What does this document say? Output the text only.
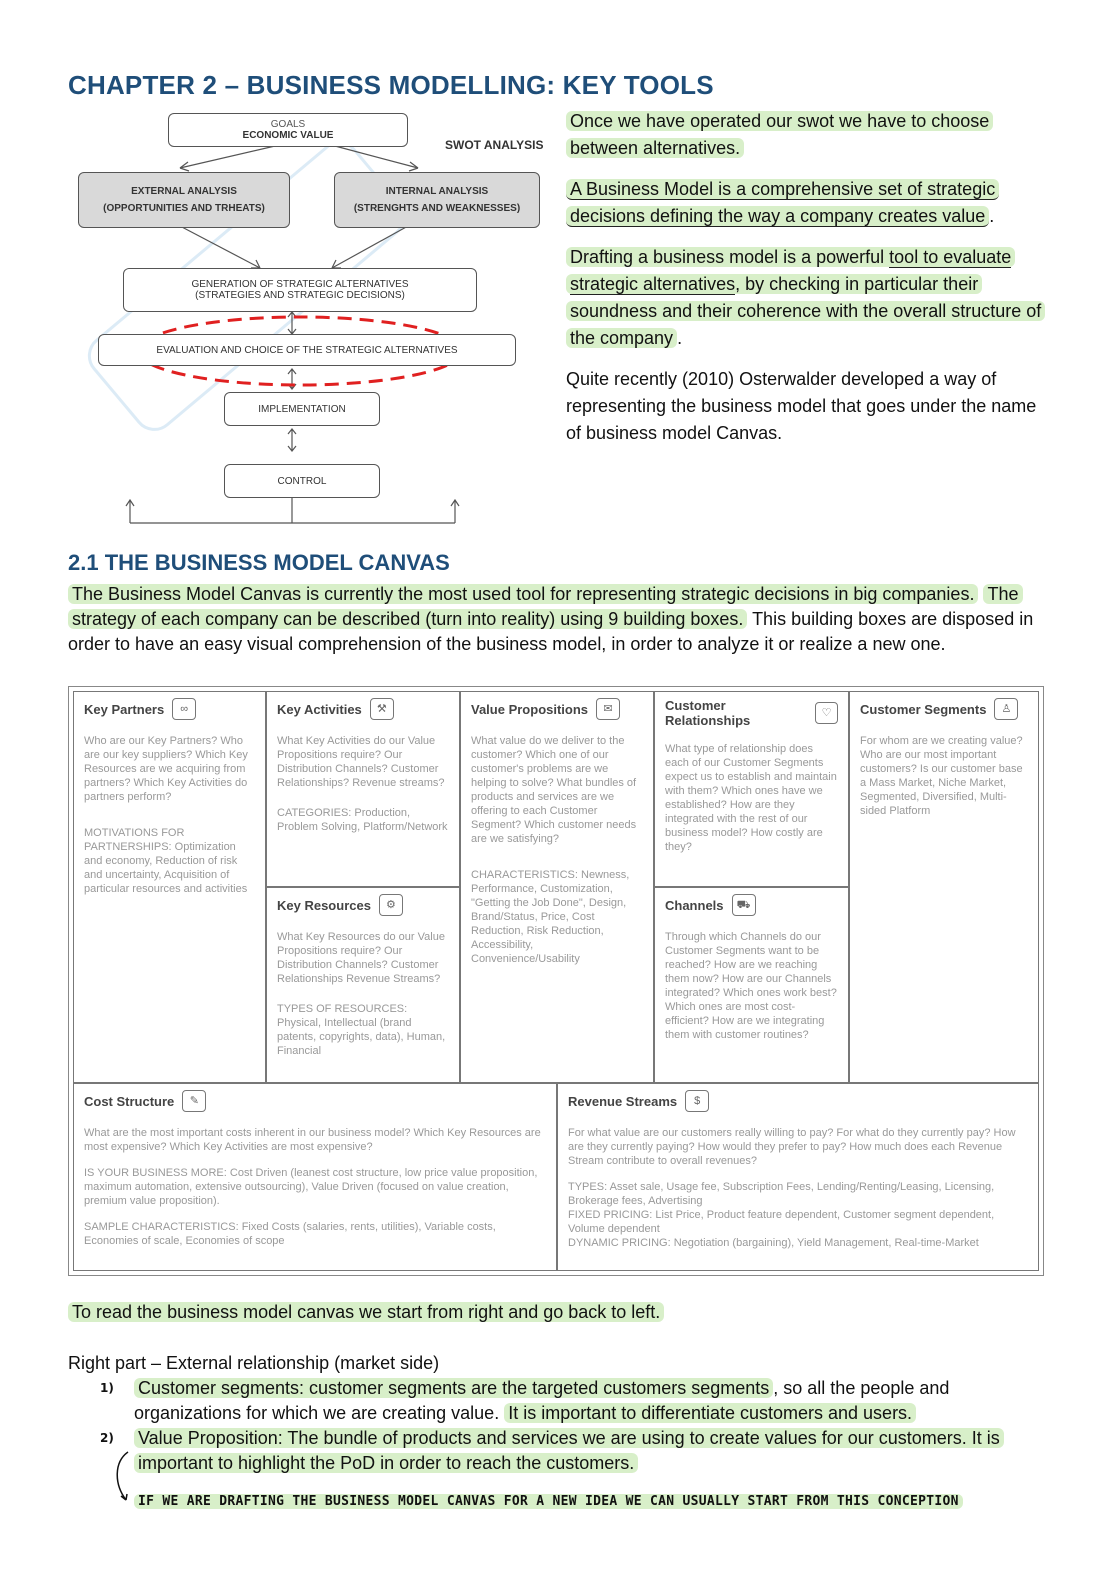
CHAPTER 2 – BUSINESS MODELLING: KEY TOOLS
GOALS
ECONOMIC VALUE
SWOT ANALYSIS
EXTERNAL ANALYSIS
(OPPORTUNITIES AND TRHEATS)
INTERNAL ANALYSIS
(STRENGHTS AND WEAKNESSES)
GENERATION OF STRATEGIC ALTERNATIVES
(STRATEGIES AND STRATEGIC DECISIONS)
EVALUATION AND CHOICE OF THE STRATEGIC ALTERNATIVES
IMPLEMENTATION
CONTROL

Once we have operated our swot we have to choose between alternatives.

A Business Model is a comprehensive set of strategic decisions defining the way a company creates value .

Drafting a business model is a powerful tool to evaluate strategic alternatives, by checking in particular their soundness and their coherence with the overall structure of the company .

Quite recently (2010) Osterwalder developed a way of representing the business model that goes under the name of business model Canvas.

2.1 THE BUSINESS MODEL CANVAS
The Business Model Canvas is currently the most used tool for representing strategic decisions in big companies. The strategy of each company can be described (turn into reality) using 9 building boxes. This building boxes are disposed in order to have an easy visual comprehension of the business model, in order to analyze it or realize a new one.
Key Partners	∞
Who are our Key Partners? Who are our key suppliers? Which Key Resources are we acquiring from partners? Which Key Activities do partners perform?
MOTIVATIONS FOR PARTNERSHIPS: Optimization and economy, Reduction of risk and uncertainty, Acquisition of particular resources and activities
Key Activities	⚒
What Key Activities do our Value Propositions require? Our Distribution Channels? Customer Relationships? Revenue streams?
CATEGORIES: Production, Problem Solving, Platform/Network
Key Resources	⚙
What Key Resources do our Value Propositions require? Our Distribution Channels? Customer Relationships Revenue Streams?
TYPES OF RESOURCES: Physical, Intellectual (brand patents, copyrights, data), Human, Financial
Value Propositions	✉
What value do we deliver to the customer? Which one of our customer's problems are we helping to solve? What bundles of products and services are we offering to each Customer Segment? Which customer needs are we satisfying?
CHARACTERISTICS: Newness, Performance, Customization, "Getting the Job Done", Design, Brand/Status, Price, Cost Reduction, Risk Reduction, Accessibility, Convenience/Usability
Customer Relationships	♡
What type of relationship does each of our Customer Segments expect us to establish and maintain with them? Which ones have we established? How are they integrated with the rest of our business model? How costly are they?
Channels	⛟
Through which Channels do our Customer Segments want to be reached? How are we reaching them now? How are our Channels integrated? Which ones work best? Which ones are most cost-efficient? How are we integrating them with customer routines?
Customer Segments	♙
For whom are we creating value? Who are our most important customers? Is our customer base a Mass Market, Niche Market, Segmented, Diversified, Multi-sided Platform
Cost Structure	✎
What are the most important costs inherent in our business model? Which Key Resources are most expensive? Which Key Activities are most expensive?
IS YOUR BUSINESS MORE: Cost Driven (leanest cost structure, low price value proposition, maximum automation, extensive outsourcing), Value Driven (focused on value creation, premium value proposition).
SAMPLE CHARACTERISTICS: Fixed Costs (salaries, rents, utilities), Variable costs, Economies of scale, Economies of scope
Revenue Streams	$
For what value are our customers really willing to pay? For what do they currently pay? How are they currently paying? How would they prefer to pay? How much does each Revenue Stream contribute to overall revenues?
TYPES: Asset sale, Usage fee, Subscription Fees, Lending/Renting/Leasing, Licensing, Brokerage fees, Advertising
FIXED PRICING: List Price, Product feature dependent, Customer segment dependent, Volume dependent
DYNAMIC PRICING: Negotiation (bargaining), Yield Management, Real-time-Market

To read the business model canvas we start from right and go back to left.

Right part – External relationship (market side)

1) Customer segments: customer segments are the targeted customers segments , so all the people and organizations for which we are creating value. It is important to differentiate customers and users.
2) Value Proposition: The bundle of products and services we are using to create values for our customers. It is important to highlight the PoD in order to reach the customers.
IF WE ARE DRAFTING THE BUSINESS MODEL CANVAS FOR A NEW IDEA WE CAN USUALLY START FROM THIS CONCEPTION
